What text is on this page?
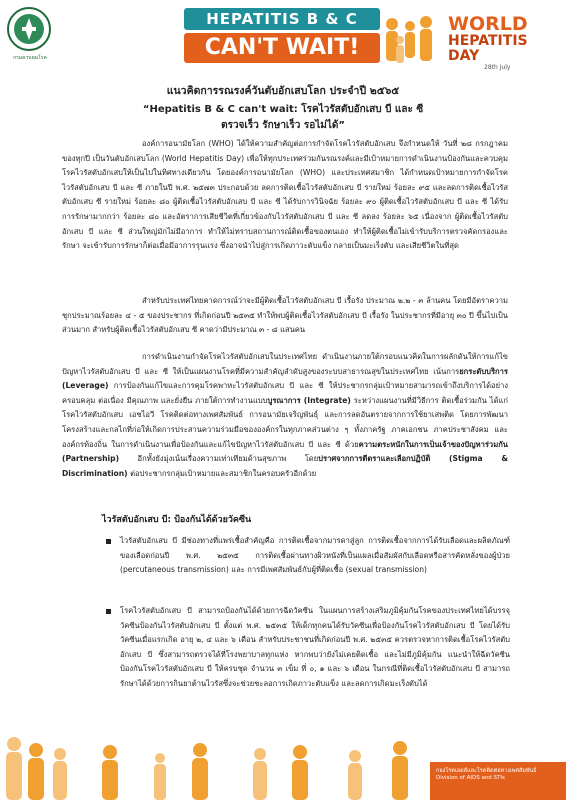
กรมควบคุมโรค
HEPATITIS B & C
CAN'T WAIT!
WORLD
HEPATITIS DAY
28th July
แนวคิดการรณรงค์วันตับอักเสบโลก ประจำปี ๒๕๖๕
“Hepatitis B & C can't wait: โรคไวรัสตับอักเสบ บี และ ซี
ตรวจเร็ว รักษาเร็ว รอไม่ได้”
องค์การอนามัยโลก (WHO) ได้ให้ความสำคัญต่อการกำจัดโรคไวรัสตับอักเสบ จึงกำหนดให้ วันที่ ๒๘ กรกฎาคม ของทุกปี เป็นวันตับอักเสบโลก (World Hepatitis Day) เพื่อให้ทุกประเทศร่วมกันรณรงค์และมีเป้าหมายการดำเนินงานป้องกันและควบคุมโรคไวรัสตับอักเสบให้เป็นไปในทิศทางเดียวกัน โดยองค์การอนามัยโลก (WHO) และประเทศสมาชิก ได้กำหนดเป้าหมายการกำจัดโรคไวรัสตับอักเสบ บี และ ซี ภายในปี พ.ศ. ๒๕๗๓ ประกอบด้วย ลดการติดเชื้อไวรัสตับอักเสบ บี รายใหม่ ร้อยละ ๙๕ และลดการติดเชื้อไวรัสตับอักเสบ ซี รายใหม่ ร้อยละ ๘๐ ผู้ติดเชื้อไวรัสตับอักเสบ บี และ ซี ได้รับการวินิจฉัย ร้อยละ ๙๐ ผู้ติดเชื้อไวรัสตับอักเสบ บี และ ซี ได้รับการรักษามากกว่า ร้อยละ ๘๐ และอัตราการเสียชีวิตที่เกี่ยวข้องกับไวรัสตับอักเสบ บี และ ซี ลดลง ร้อยละ ๖๕ เนื่องจาก ผู้ติดเชื้อไวรัสตับอักเสบ บี และ ซี ส่วนใหญ่มักไม่มีอาการ ทำให้ไม่ทราบสถานการณ์ติดเชื้อของตนเอง ทำให้ผู้ติดเชื้อไม่เข้ารับบริการตรวจคัดกรองและรักษา จะเข้ารับการรักษาก็ต่อเมื่อมีอาการรุนแรง ซึ่งอาจนำไปสู่การเกิดภาวะตับแข็ง กลายเป็นมะเร็งตับ และเสียชีวิตในที่สุด
สำหรับประเทศไทยคาดการณ์ว่าจะมีผู้ติดเชื้อไวรัสตับอักเสบ บี เรื้อรัง ประมาณ ๒.๒ - ๓ ล้านคน โดยมีอัตราความชุกประมาณร้อยละ ๔ - ๕ ของประชากร ที่เกิดก่อนปี ๒๕๓๕ ทำให้พบผู้ติดเชื้อไวรัสตับอักเสบ บี เรื้อรัง ในประชากรที่มีอายุ ๓๐ ปี ขึ้นไปเป็นส่วนมาก สำหรับผู้ติดเชื้อไวรัสตับอักเสบ ซี คาดว่ามีประมาณ ๓ - ๘ แสนคน
การดำเนินงานกำจัดโรคไวรัสตับอักเสบในประเทศไทย ดำเนินงานภายใต้กรอบแนวคิดในการผลักดันให้การแก้ไขปัญหาไวรัสตับอักเสบ บี และ ซี ให้เป็นแผนงานโรคที่มีความสำคัญลำดับสูงของระบบสาธารณสุขในประเทศไทย เน้นการยกระดับบริการ (Leverage) การป้องกันแก้ไขและการคุมโรคพาหะไวรัสตับอักเสบ บี และ ซี ให้ประชากรกลุ่มเป้าหมายสามารถเข้าถึงบริการได้อย่างครอบคลุม ต่อเนื่อง มีคุณภาพ และยั่งยืน ภายใต้การทำงานแบบบูรณาการ (Integrate) ระหว่างแผนงานที่มีวิธีการ ติดเชื้อร่วมกัน ได้แก่ โรคไวรัสตับอักเสบ เอชไอวี โรคติดต่อทางเพศสัมพันธ์ การอนามัยเจริญพันธุ์ และการลดอันตรายจากการใช้ยาเสพติด โดยการพัฒนาโครงสร้างและกลไกที่ก่อให้เกิดการประสานความร่วมมือขององค์กรในทุกภาคส่วนต่าง ๆ ทั้งภาครัฐ ภาคเอกชน ภาคประชาสังคม และองค์กรท้องถิ่น ในการดำเนินงานเพื่อป้องกันและแก้ไขปัญหาไวรัสตับอักเสบ บี และ ซี ด้วยความตระหนักในการเป็นเจ้าของปัญหาร่วมกัน (Partnership) อีกทั้งยังมุ่งเน้นเรื่องความเท่าเทียมด้านสุขภาพ โดยปราศจากการตีตราและเลือกปฏิบัติ (Stigma & Discrimination) ต่อประชากรกลุ่มเป้าหมายและสมาชิกในครอบครัวอีกด้วย
ไวรัสตับอักเสบ บี: ป้องกันได้ด้วยวัคซีน
ไวรัสตับอักเสบ บี มีช่องทางที่แพร่เชื้อสำคัญคือ การติดเชื้อจากมารดาสู่ลูก การติดเชื้อจากการได้รับเลือดและผลิตภัณฑ์ของเลือดก่อนปี พ.ศ. ๒๕๓๕ การติดเชื้อผ่านทางผิวหนังที่เป็นแผลเมื่อสัมผัสกับเลือดหรือสารคัดหลั่งของผู้ป่วย (percutaneous transmission) และ การมีเพศสัมพันธ์กับผู้ที่ติดเชื้อ (sexual transmission)
โรคไวรัสตับอักเสบ บี สามารถป้องกันได้ด้วยการฉีดวัคซีน ในแผนการสร้างเสริมภูมิคุ้มกันโรคของประเทศไทยได้บรรจุวัคซีนป้องกันไวรัสตับอักเสบ บี ตั้งแต่ พ.ศ. ๒๕๓๕ ให้เด็กทุกคนได้รับวัคซีนเพื่อป้องกันโรคไวรัสตับอักเสบ บี โดยได้รับวัคซีนเมื่อแรกเกิด อายุ ๒, ๔ และ ๖ เดือน สำหรับประชาชนที่เกิดก่อนปี พ.ศ. ๒๕๓๕ ควรตรวจหาการติดเชื้อโรคไวรัสตับอักเสบ บี ซึ่งสามารถตรวจได้ที่โรงพยาบาลทุกแห่ง หากพบว่ายังไม่เคยติดเชื้อ และไม่มีภูมิคุ้มกัน แนะนำให้ฉีดวัคซีนป้องกันโรคไวรัสตับอักเสบ บี ให้ครบชุด จำนวน ๓ เข็ม ที่ ๐, ๑ และ ๖ เดือน ในกรณีที่ติดเชื้อไวรัสตับอักเสบ บี สามารถรักษาได้ด้วยการกินยาต้านไวรัสซึ่งจะช่วยชะลอการเกิดภาวะตับแข็ง และลดการเกิดมะเร็งตับได้
กองโรคเอดส์และโรคติดต่อทางเพศสัมพันธ์
Division of AIDS and STIs
